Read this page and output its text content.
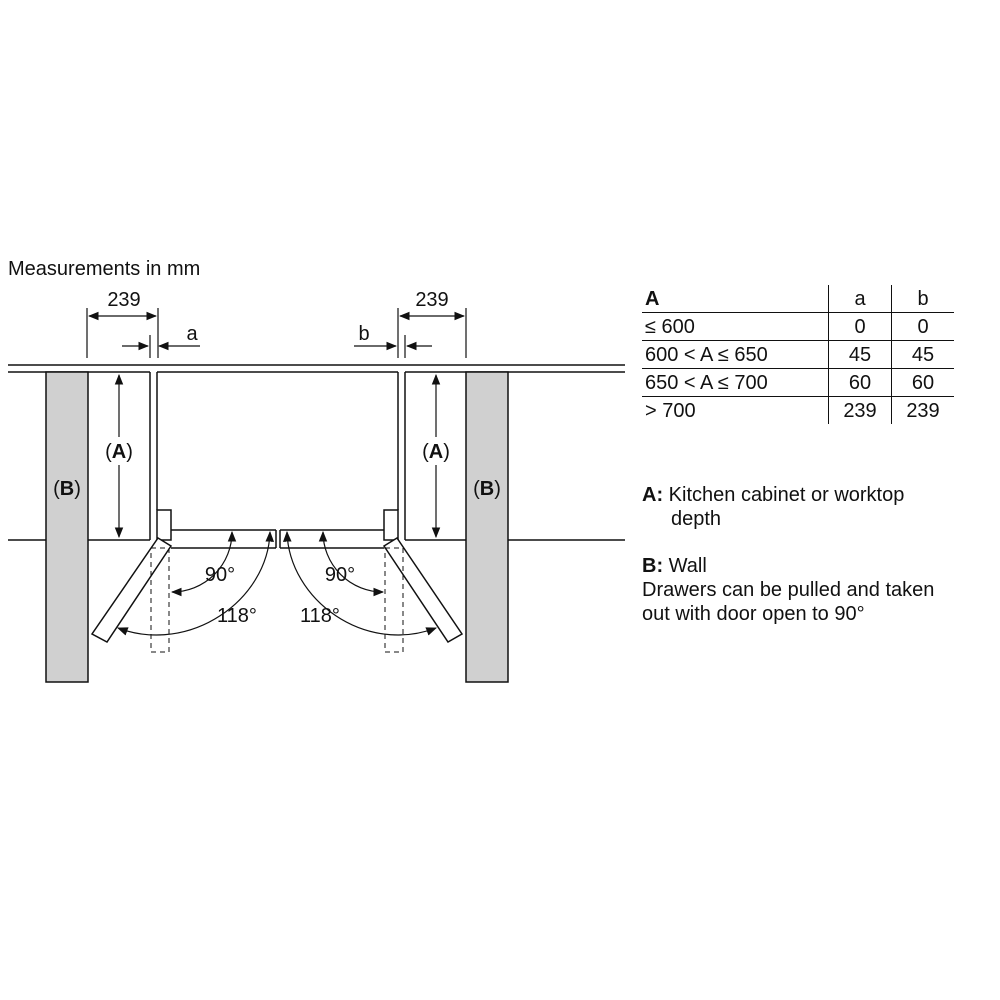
Measurements in mm
(A)	(A)
(B)	(B)
239	239
a	b
90°	90°
118° 118°
A	a	b
≤ 600	0	0
600 < A ≤ 650	45	45
650 < A ≤ 700	60	60
> 700	239	239
A: Kitchen cabinet or worktop
depth
B: Wall
Drawers can be pulled and taken
out with door open to 90°
